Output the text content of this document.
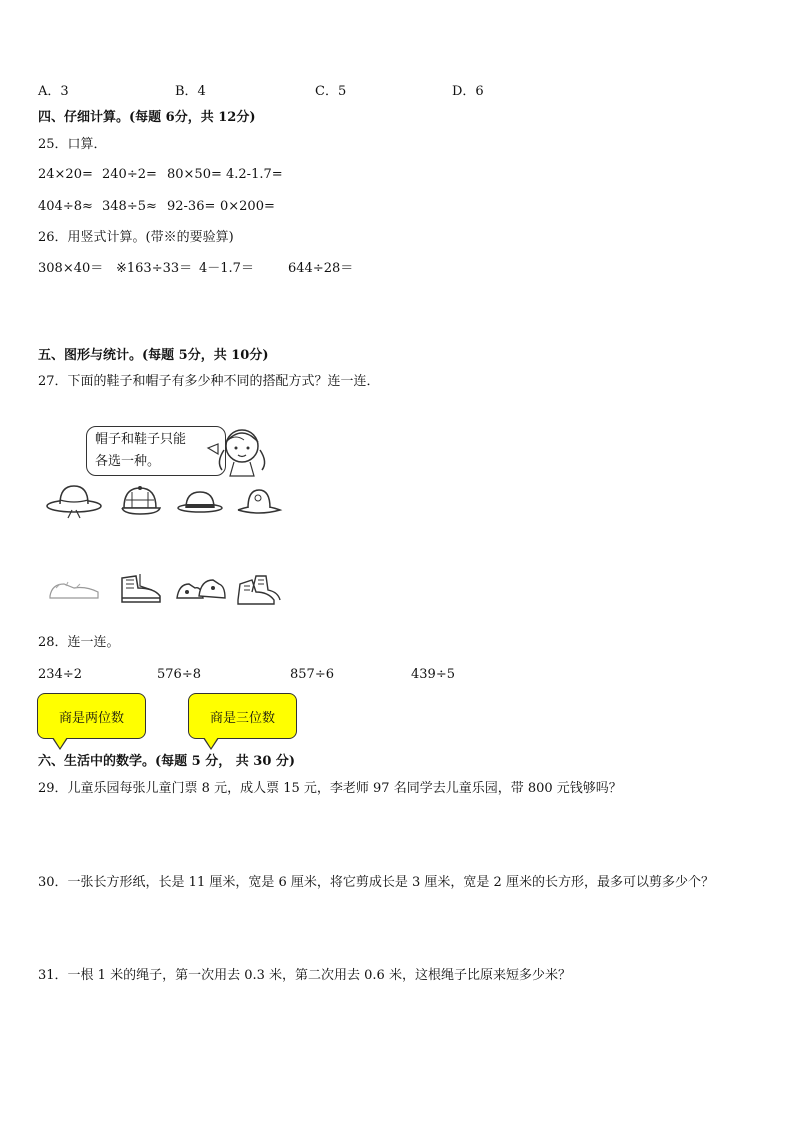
A．3	B．4	C．5	D．6
四、仔细计算。(每题 6分，共 12分)
25．口算．
24×20= 240÷2= 80×50= 4.2-1.7=
404÷8≈ 348÷5≈ 92-36= 0×200=
26．用竖式计算。(带※的要验算)
308×40＝ ※163÷33＝ 4－1.7＝	644÷28＝
五、图形与统计。(每题 5分，共 10分)
27．下面的鞋子和帽子有多少种不同的搭配方式？连一连．
帽子和鞋子只能
各选一种。
28．连一连。
234÷2	576÷8	857÷6	439÷5
商是两位数	商是三位数
六、生活中的数学。(每题 5 分， 共 30 分)
29．儿童乐园每张儿童门票 8 元，成人票 15 元，李老师 97 名同学去儿童乐园，带 800 元钱够吗？
30．一张长方形纸，长是 11 厘米，宽是 6 厘米，将它剪成长是 3 厘米，宽是 2 厘米的长方形，最多可以剪多少个？
31．一根 1 米的绳子，第一次用去 0.3 米，第二次用去 0.6 米，这根绳子比原来短多少米？
